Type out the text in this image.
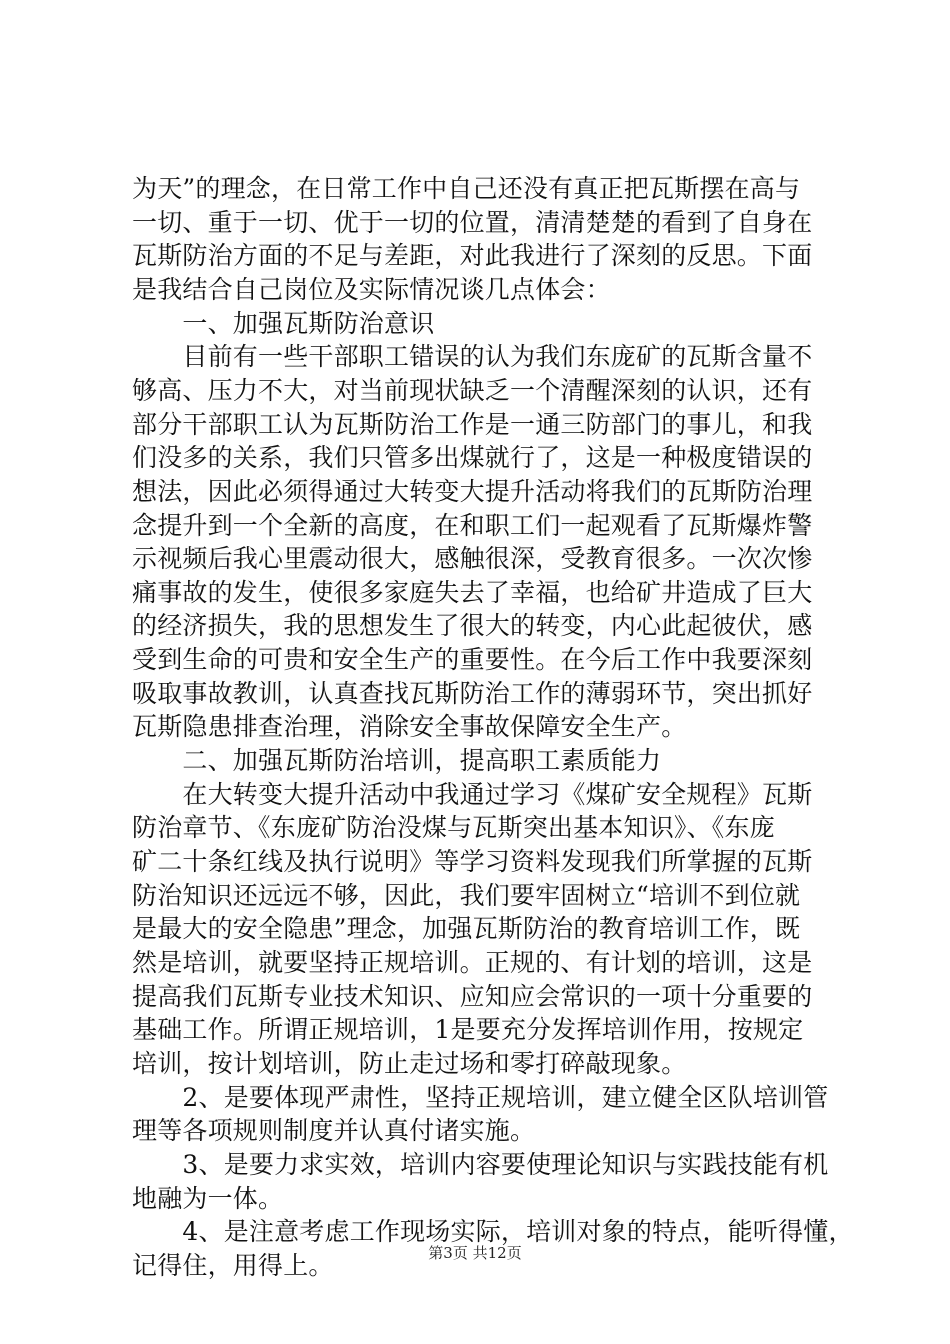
为天”的理念，在日常工作中自己还没有真正把瓦斯摆在高与
一切、重于一切、优于一切的位置，清清楚楚的看到了自身在
瓦斯防治方面的不足与差距，对此我进行了深刻的反思。下面
是我结合自己岗位及实际情况谈几点体会：
　　一、加强瓦斯防治意识
　　目前有一些干部职工错误的认为我们东庞矿的瓦斯含量不
够高、压力不大，对当前现状缺乏一个清醒深刻的认识，还有
部分干部职工认为瓦斯防治工作是一通三防部门的事儿，和我
们没多的关系，我们只管多出煤就行了，这是一种极度错误的
想法，因此必须得通过大转变大提升活动将我们的瓦斯防治理
念提升到一个全新的高度，在和职工们一起观看了瓦斯爆炸警
示视频后我心里震动很大，感触很深，受教育很多。一次次惨
痛事故的发生，使很多家庭失去了幸福，也给矿井造成了巨大
的经济损失，我的思想发生了很大的转变，内心此起彼伏，感
受到生命的可贵和安全生产的重要性。在今后工作中我要深刻
吸取事故教训，认真查找瓦斯防治工作的薄弱环节，突出抓好
瓦斯隐患排查治理，消除安全事故保障安全生产。
　　二、加强瓦斯防治培训，提高职工素质能力
　　在大转变大提升活动中我通过学习《煤矿安全规程》瓦斯
防治章节、《东庞矿防治没煤与瓦斯突出基本知识》、《东庞
矿二十条红线及执行说明》等学习资料发现我们所掌握的瓦斯
防治知识还远远不够，因此，我们要牢固树立“培训不到位就
是最大的安全隐患”理念，加强瓦斯防治的教育培训工作，既
然是培训，就要坚持正规培训。正规的、有计划的培训，这是
提高我们瓦斯专业技术知识、应知应会常识的一项十分重要的
基础工作。所谓正规培训，1是要充分发挥培训作用，按规定
培训，按计划培训，防止走过场和零打碎敲现象。
　　2、是要体现严肃性，坚持正规培训，建立健全区队培训管
理等各项规则制度并认真付诸实施。
　　3、是要力求实效，培训内容要使理论知识与实践技能有机
地融为一体。
　　4、是注意考虑工作现场实际，培训对象的特点，能听得懂，
记得住，用得上。	第3页 共12页
